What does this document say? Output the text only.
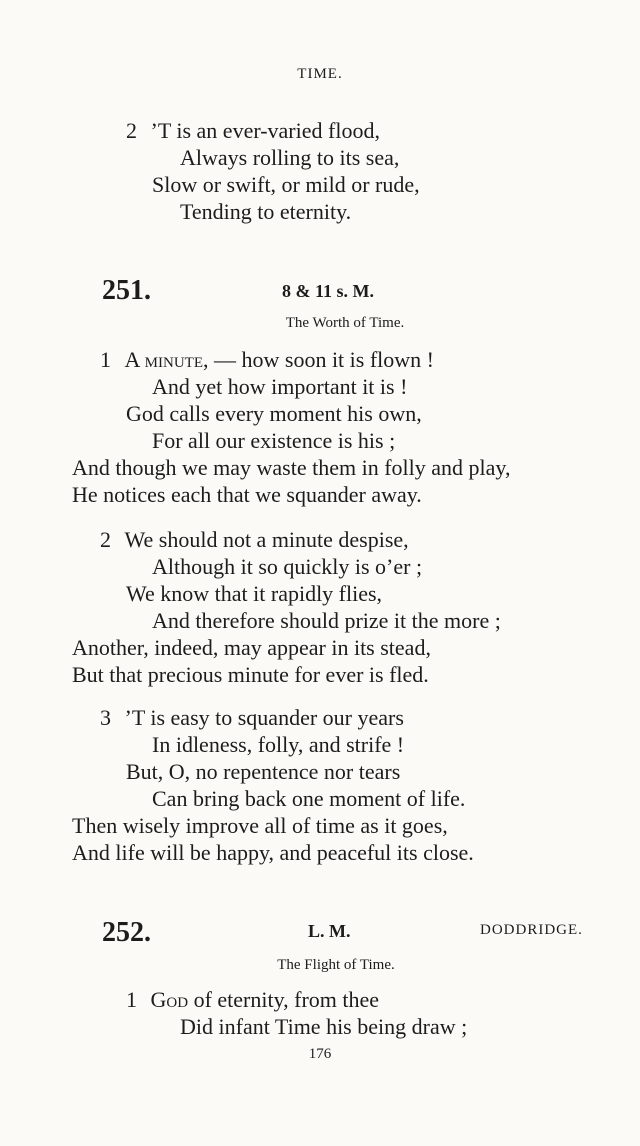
TIME.
2 ’T is an ever-varied flood,
Always rolling to its sea,
Slow or swift, or mild or rude,
Tending to eternity.
251.	8 & 11 s. M.
The Worth of Time.
1 A minute, — how soon it is flown !
And yet how important it is !
God calls every moment his own,
For all our existence is his ;
And though we may waste them in folly and play,
He notices each that we squander away.
2 We should not a minute despise,
Although it so quickly is o’er ;
We know that it rapidly flies,
And therefore should prize it the more ;
Another, indeed, may appear in its stead,
But that precious minute for ever is fled.
3 ’T is easy to squander our years
In idleness, folly, and strife !
But, O, no repentence nor tears
Can bring back one moment of life.
Then wisely improve all of time as it goes,
And life will be happy, and peaceful its close.
252.	L. M.	DODDRIDGE.
The Flight of Time.
1 God of eternity, from thee
Did infant Time his being draw ;
176
